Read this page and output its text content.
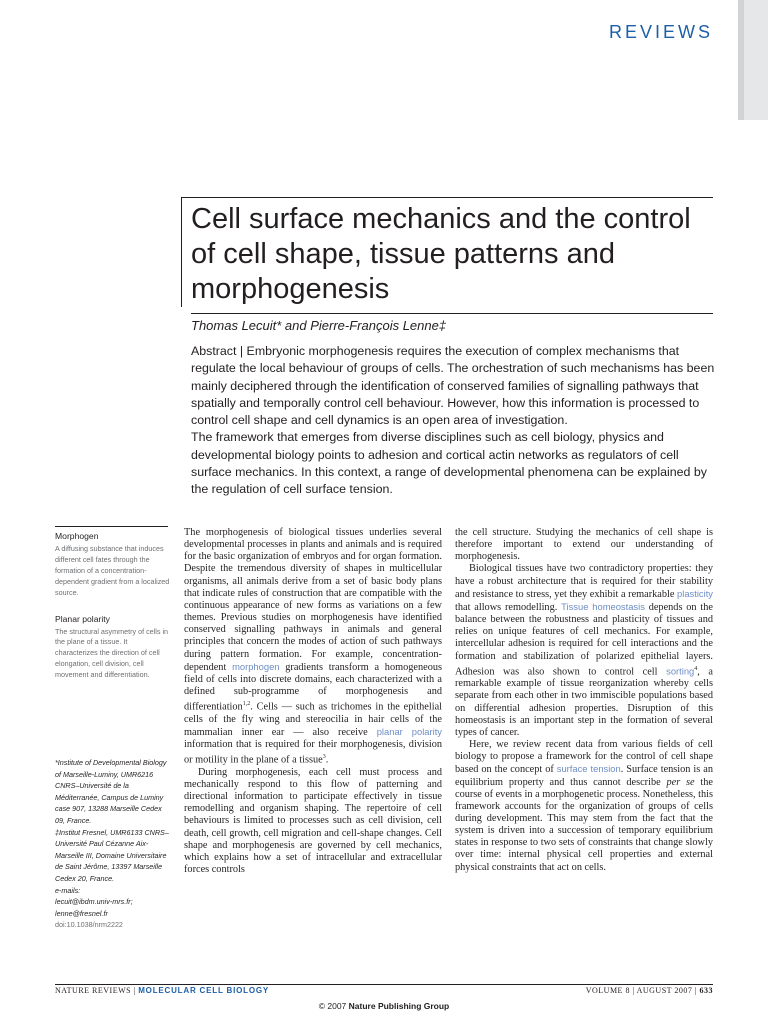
REVIEWS
Cell surface mechanics and the control of cell shape, tissue patterns and morphogenesis
Thomas Lecuit* and Pierre-François Lenne‡

Abstract | Embryonic morphogenesis requires the execution of complex mechanisms that regulate the local behaviour of groups of cells. The orchestration of such mechanisms has been mainly deciphered through the identification of conserved families of signalling pathways that spatially and temporally control cell behaviour. However, how this information is processed to control cell shape and cell dynamics is an open area of investigation.

The framework that emerges from diverse disciplines such as cell biology, physics and developmental biology points to adhesion and cortical actin networks as regulators of cell surface mechanics. In this context, a range of developmental phenomena can be explained by the regulation of cell surface tension.

Morphogen
A diffusing substance that induces different cell fates through the formation of a concentration-dependent gradient from a localized source.
Planar polarity
The structural asymmetry of cells in the plane of a tissue. It characterizes the direction of cell elongation, cell division, cell movement and differentiation.
*Institute of Developmental Biology of Marseille-Luminy, UMR6216 CNRS–Université de la Méditerranée, Campus de Luminy case 907, 13288 Marseille Cedex 09, France.
‡Institut Fresnel, UMR6133 CNRS–Université Paul Cézanne Aix-Marseille III, Domaine Universitaire de Saint Jérôme, 13397 Marseille Cedex 20, France.
e-mails:
lecuit@ibdm.univ-mrs.fr;
lenne@fresnel.fr
doi:10.1038/nrm2222

The morphogenesis of biological tissues underlies several developmental processes in plants and animals and is required for the basic organization of embryos and for organ formation. Despite the tremendous diversity of shapes in multicellular organisms, all animals derive from a set of basic body plans that indicate rules of construction that are compatible with the continuous appearance of new forms as variations on a few themes. Previous studies on morphogenesis have identified conserved signalling pathways in animals and general principles that concern the modes of action of such pathways during pattern formation. For example, concentration-dependent morphogen gradients transform a homogeneous field of cells into discrete domains, each characterized with a defined sub-programme of morphogenesis and differentiation$^{1,2}$. Cells — such as trichomes in the epithelial cells of the fly wing and stereocilia in hair cells of the mammalian inner ear — also receive planar polarity information that is required for their morphogenesis, division or motility in the plane of a tissue$^3$.

During morphogenesis, each cell must process and mechanically respond to this flow of patterning and directional information to participate effectively in tissue remodelling and organism shaping. The repertoire of cell behaviours is limited to processes such as cell division, cell death, cell growth, cell migration and cell-shape changes. Cell shape and morphogenesis are governed by cell mechanics, which explains how a set of intracellular and extracellular forces controls

the cell structure. Studying the mechanics of cell shape is therefore important to extend our understanding of morphogenesis.

Biological tissues have two contradictory properties: they have a robust architecture that is required for their stability and resistance to stress, yet they exhibit a remarkable plasticity that allows remodelling. Tissue homeostasis depends on the balance between the robustness and plasticity of tissues and relies on unique features of cell mechanics. For example, intercellular adhesion is required for cell interactions and the formation and stabilization of polarized epithelial layers. Adhesion was also shown to control cell sorting$^4$, a remarkable example of tissue reorganization whereby cells separate from each other in two immiscible populations based on differential adhesion properties. Disruption of this homeostasis is an important step in the formation of several types of cancer.

Here, we review recent data from various fields of cell biology to propose a framework for the control of cell shape based on the concept of surface tension. Surface tension is an equilibrium property and thus cannot describe per se the course of events in a morphogenetic process. Nonetheless, this framework accounts for the organization of groups of cells during development. This may stem from the fact that the system is driven into a succession of temporary equilibrium states in response to two sets of constraints that change slowly over time: internal physical cell properties and external physical constraints that act on cells.

NATURE REVIEWS | MOLECULAR CELL BIOLOGY	VOLUME 8 | AUGUST 2007 | 633
© 2007 Nature Publishing Group
